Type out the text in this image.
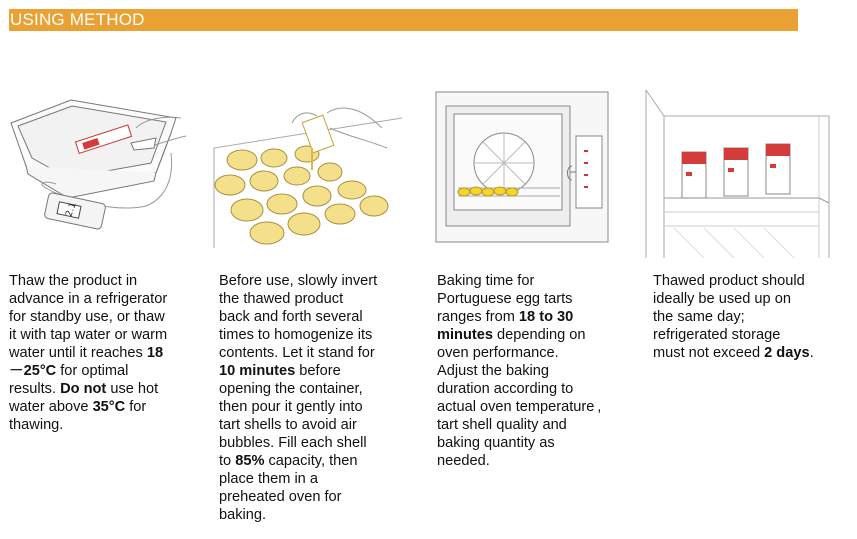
USING METHOD
2.1
Thaw the product in
advance in a refrigerator
for standby use, or thaw
it with tap water or warm
water until it reaches 18
－25°C for optimal
results. Do not use hot
water above 35°C for
thawing.
Before use, slowly invert
the thawed product
back and forth several
times to homogenize its
contents. Let it stand for
10 minutes before
opening the container,
then pour it gently into
tart shells to avoid air
bubbles. Fill each shell
to 85% capacity, then
place them in a
preheated oven for
baking.
Baking time for
Portuguese egg tarts
ranges from 18 to 30
minutes depending on
oven performance.
Adjust the baking
duration according to
actual oven temperature ,
tart shell quality and
baking quantity as
needed.
Thawed product should
ideally be used up on
the same day;
refrigerated storage
must not exceed 2 days.
